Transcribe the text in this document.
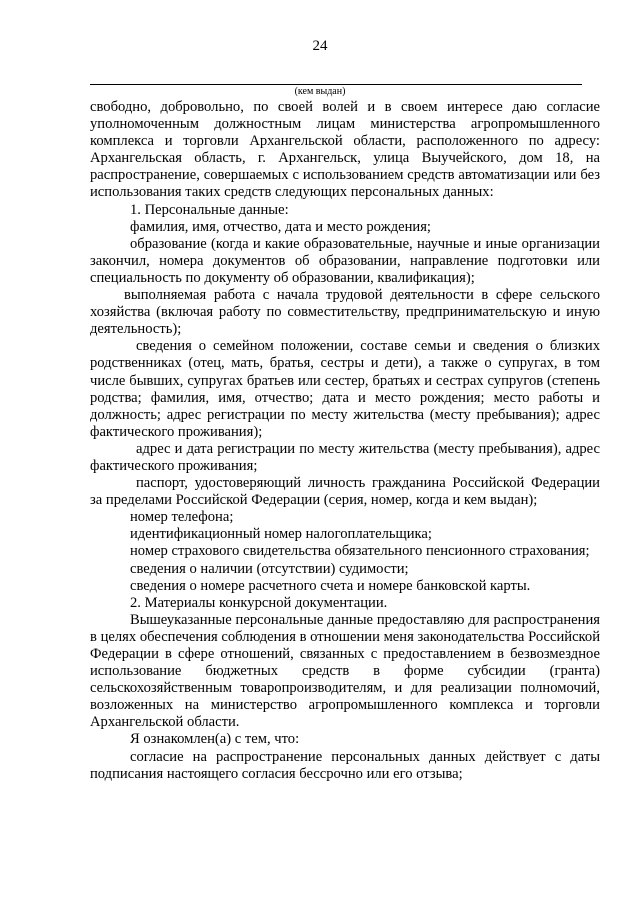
24
(кем выдан)

свободно, добровольно, по своей волей и в своем интересе даю согласие уполномоченным должностным лицам министерства агропромышленного комплекса и торговли Архангельской области, расположенного по адресу: Архангельская область, г. Архангельск, улица Выучейского, дом 18, на распространение, совершаемых с использованием средств автоматизации или без использования таких средств следующих персональных данных:

1. Персональные данные:

фамилия, имя, отчество, дата и место рождения;

образование (когда и какие образовательные, научные и иные организации закончил, номера документов об образовании, направление подготовки или специальность по документу об образовании, квалификация);

выполняемая работа с начала трудовой деятельности в сфере сельского хозяйства (включая работу по совместительству, предпринимательскую и иную деятельность);

сведения о семейном положении, составе семьи и сведения о близких родственниках (отец, мать, братья, сестры и дети), а также о супругах, в том числе бывших, супругах братьев или сестер, братьях и сестрах супругов (степень родства; фамилия, имя, отчество; дата и место рождения; место работы и должность; адрес регистрации по месту жительства (месту пребывания); адрес фактического проживания);

адрес и дата регистрации по месту жительства (месту пребывания), адрес фактического проживания;

паспорт, удостоверяющий личность гражданина Российской Федерации за пределами Российской Федерации (серия, номер, когда и кем выдан);

номер телефона;

идентификационный номер налогоплательщика;

номер страхового свидетельства обязательного пенсионного страхования;

сведения о наличии (отсутствии) судимости;

сведения о номере расчетного счета и номере банковской карты.

2. Материалы конкурсной документации.

Вышеуказанные персональные данные предоставляю для распространения в целях обеспечения соблюдения в отношении меня законодательства Российской Федерации в сфере отношений, связанных с предоставлением в безвозмездное использование бюджетных средств в форме субсидии (гранта) сельскохозяйственным товаропроизводителям, и для реализации полномочий, возложенных на министерство агропромышленного комплекса и торговли Архангельской области.

Я ознакомлен(а) с тем, что:

согласие на распространение персональных данных действует с даты подписания настоящего согласия бессрочно или его отзыва;
